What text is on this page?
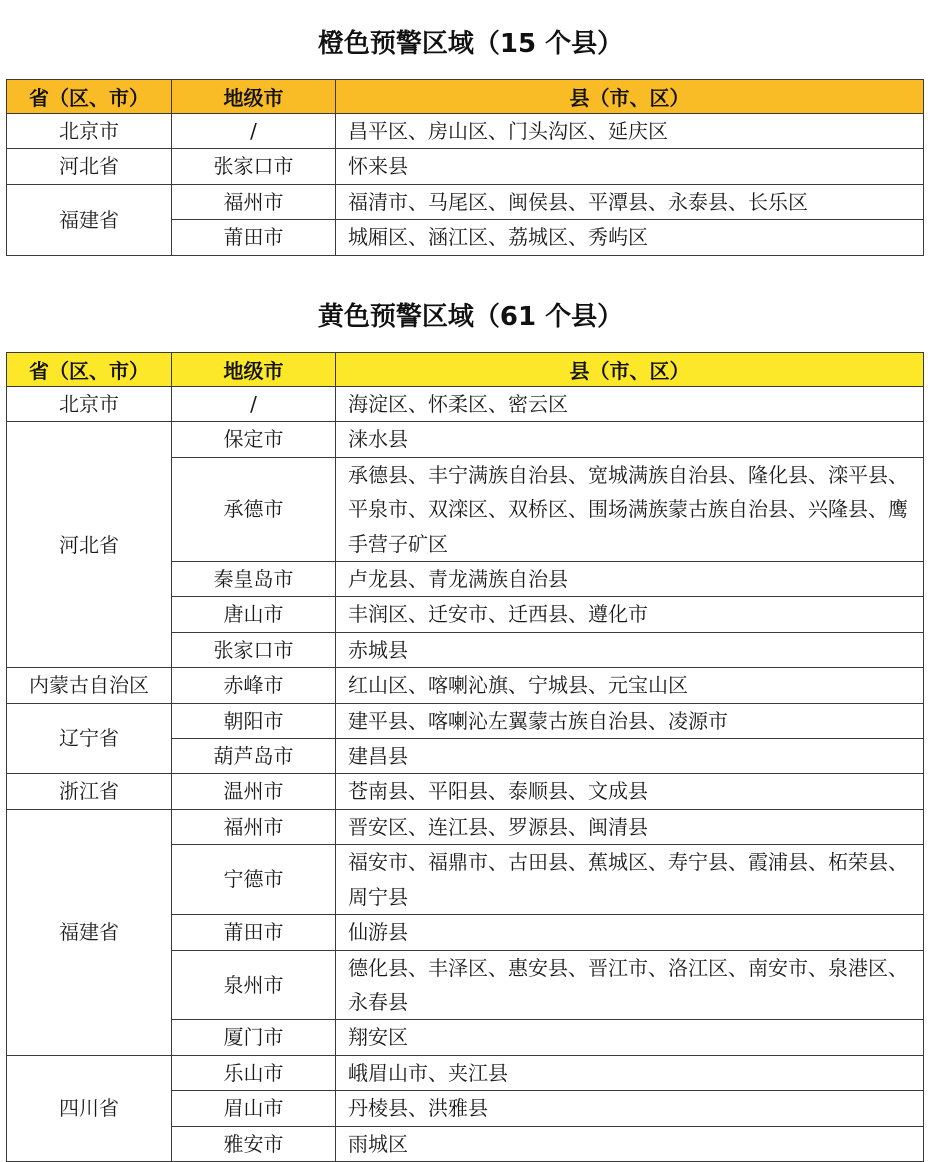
橙色预警区域（15 个县）
省（区、市）	地级市	县（市、区）
北京市	/	昌平区、房山区、门头沟区、延庆区
河北省	张家口市	怀来县
福建省	福州市	福清市、马尾区、闽侯县、平潭县、永泰县、长乐区
	莆田市	城厢区、涵江区、荔城区、秀屿区
黄色预警区域（61 个县）
省（区、市）	地级市	县（市、区）
北京市	/	海淀区、怀柔区、密云区
河北省	保定市	涞水县
	承德市	承德县、丰宁满族自治县、宽城满族自治县、隆化县、滦平县、平泉市、双滦区、双桥区、围场满族蒙古族自治县、兴隆县、鹰手营子矿区
	秦皇岛市	卢龙县、青龙满族自治县
	唐山市	丰润区、迁安市、迁西县、遵化市
	张家口市	赤城县
内蒙古自治区	赤峰市	红山区、喀喇沁旗、宁城县、元宝山区
辽宁省	朝阳市	建平县、喀喇沁左翼蒙古族自治县、凌源市
	葫芦岛市	建昌县
浙江省	温州市	苍南县、平阳县、泰顺县、文成县
福建省	福州市	晋安区、连江县、罗源县、闽清县
	宁德市	福安市、福鼎市、古田县、蕉城区、寿宁县、霞浦县、柘荣县、周宁县
	莆田市	仙游县
	泉州市	德化县、丰泽区、惠安县、晋江市、洛江区、南安市、泉港区、永春县
	厦门市	翔安区
四川省	乐山市	峨眉山市、夹江县
	眉山市	丹棱县、洪雅县
	雅安市	雨城区
